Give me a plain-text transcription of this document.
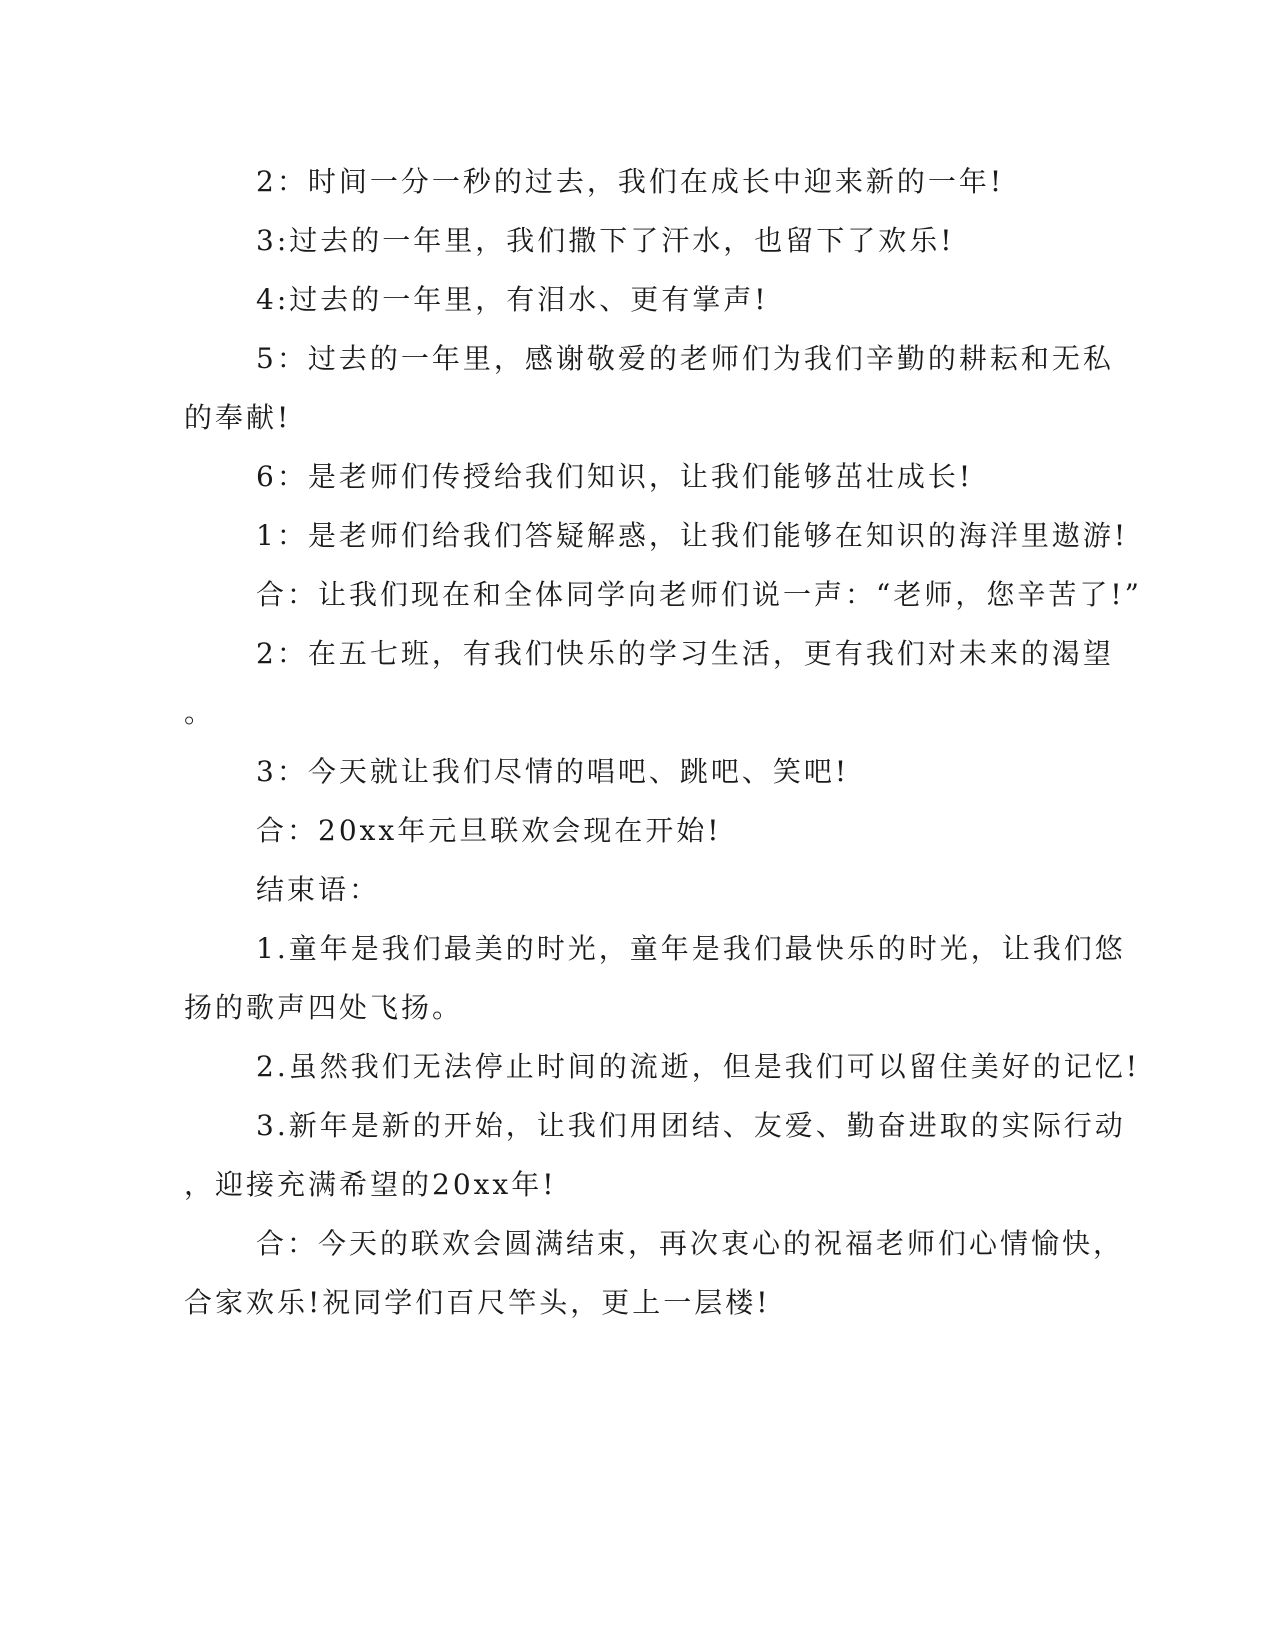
2：时间一分一秒的过去，我们在成长中迎来新的一年!
3:过去的一年里，我们撒下了汗水，也留下了欢乐!
4:过去的一年里，有泪水、更有掌声!
5：过去的一年里，感谢敬爱的老师们为我们辛勤的耕耘和无私
的奉献!
6：是老师们传授给我们知识，让我们能够茁壮成长!
1：是老师们给我们答疑解惑，让我们能够在知识的海洋里遨游!
合：让我们现在和全体同学向老师们说一声：“老师，您辛苦了!”
2：在五七班，有我们快乐的学习生活，更有我们对未来的渴望
。
3：今天就让我们尽情的唱吧、跳吧、笑吧!
合：20xx年元旦联欢会现在开始!
结束语：
1.童年是我们最美的时光，童年是我们最快乐的时光，让我们悠
扬的歌声四处飞扬。
2.虽然我们无法停止时间的流逝，但是我们可以留住美好的记忆!
3.新年是新的开始，让我们用团结、友爱、勤奋进取的实际行动
，迎接充满希望的20xx年!
合：今天的联欢会圆满结束，再次衷心的祝福老师们心情愉快，
合家欢乐!祝同学们百尺竿头，更上一层楼!
